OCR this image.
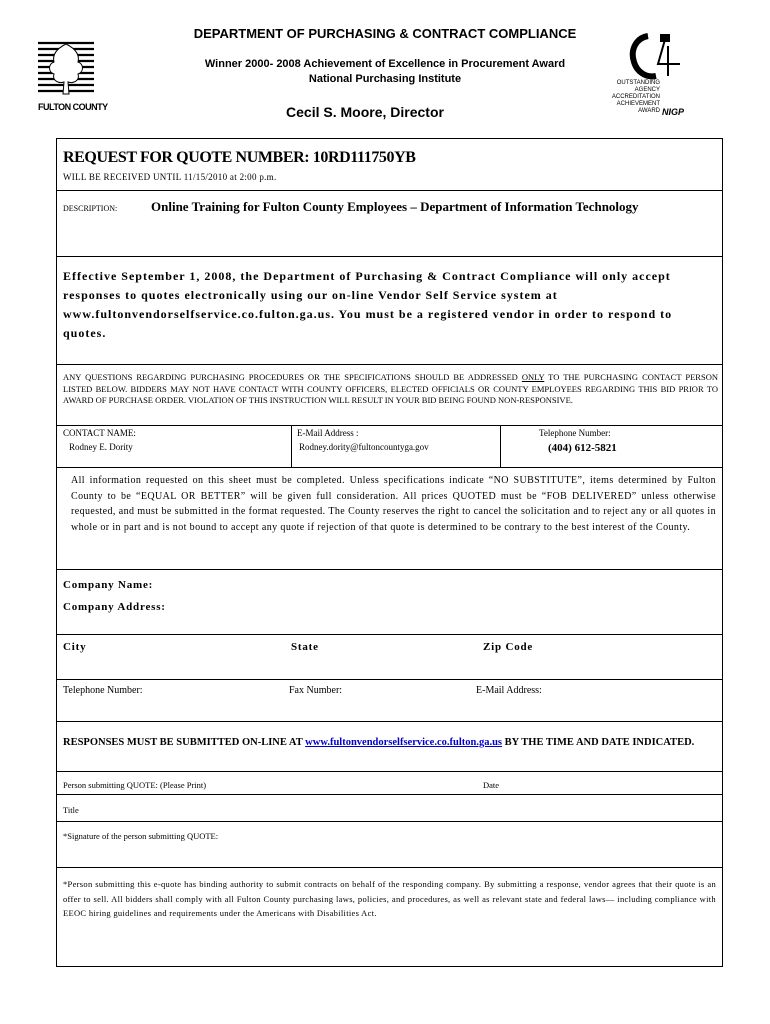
DEPARTMENT OF PURCHASING & CONTRACT COMPLIANCE
Winner 2000- 2008 Achievement of Excellence in Procurement Award
National Purchasing Institute
Cecil S. Moore, Director
FULTON COUNTY
OUTSTANDING AGENCY ACCREDITATION ACHIEVEMENT AWARD NIGP
REQUEST FOR QUOTE NUMBER: 10RD111750YB
WILL BE RECEIVED UNTIL 11/15/2010 at 2:00 p.m.
DESCRIPTION:	Online Training for Fulton County Employees – Department of Information Technology
Effective September 1, 2008, the Department of Purchasing & Contract Compliance will only accept responses to quotes electronically using our on-line Vendor Self Service system at www.fultonvendorselfservice.co.fulton.ga.us. You must be a registered vendor in order to respond to quotes.
ANY QUESTIONS REGARDING PURCHASING PROCEDURES OR THE SPECIFICATIONS SHOULD BE ADDRESSED ONLY TO THE PURCHASING CONTACT PERSON LISTED BELOW. BIDDERS MAY NOT HAVE CONTACT WITH COUNTY OFFICERS, ELECTED OFFICIALS OR COUNTY EMPLOYEES REGARDING THIS BID PRIOR TO AWARD OF PURCHASE ORDER. VIOLATION OF THIS INSTRUCTION WILL RESULT IN YOUR BID BEING FOUND NON-RESPONSIVE.
CONTACT NAME:
Rodney E. Dority
E-Mail Address :
Rodney.dority@fultoncountyga.gov
Telephone Number:
(404) 612-5821
All information requested on this sheet must be completed. Unless specifications indicate “NO SUBSTITUTE”, items determined by Fulton County to be “EQUAL OR BETTER” will be given full consideration. All prices QUOTED must be “FOB DELIVERED” unless otherwise requested, and must be submitted in the format requested. The County reserves the right to cancel the solicitation and to reject any or all quotes in whole or in part and is not bound to accept any quote if rejection of that quote is determined to be contrary to the best interest of the County.
Company Name:
Company Address:
City	State	Zip Code
Telephone Number:	Fax Number:	E-Mail Address:
RESPONSES MUST BE SUBMITTED ON-LINE AT www.fultonvendorselfservice.co.fulton.ga.us BY THE TIME AND DATE INDICATED.
Person submitting QUOTE: (Please Print)	Date
Title
*Signature of the person submitting QUOTE:
*Person submitting this e-quote has binding authority to submit contracts on behalf of the responding company. By submitting a response, vendor agrees that their quote is an offer to sell. All bidders shall comply with all Fulton County purchasing laws, policies, and procedures, as well as relevant state and federal laws— including compliance with EEOC hiring guidelines and requirements under the Americans with Disabilities Act.
